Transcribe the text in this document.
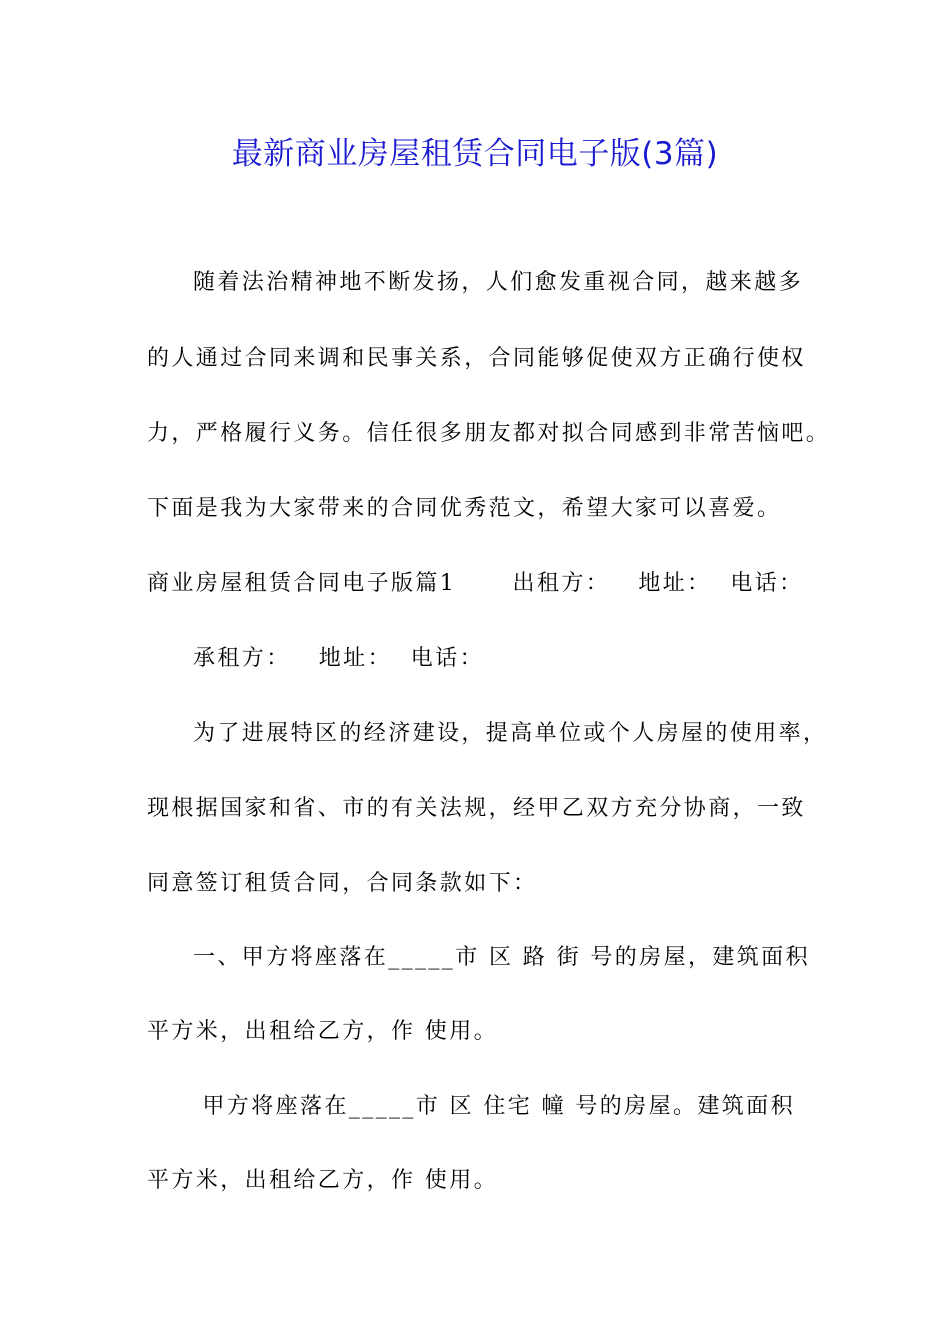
最新商业房屋租赁合同电子版(3篇)
随着法治精神地不断发扬，人们愈发重视合同，越来越多
的人通过合同来调和民事关系，合同能够促使双方正确行使权
力，严格履行义务。信任很多朋友都对拟合同感到非常苦恼吧。
下面是我为大家带来的合同优秀范文，希望大家可以喜爱。
商业房屋租赁合同电子版篇1      出租方：   地址：  电话：
承租方：   地址：  电话：
为了进展特区的经济建设，提高单位或个人房屋的使用率，
现根据国家和省、市的有关法规，经甲乙双方充分协商，一致
同意签订租赁合同，合同条款如下：
一、甲方将座落在_____市 区 路 街 号的房屋，建筑面积
平方米，出租给乙方，作 使用。
甲方将座落在_____市 区 住宅 幢 号的房屋。建筑面积
平方米，出租给乙方，作 使用。
